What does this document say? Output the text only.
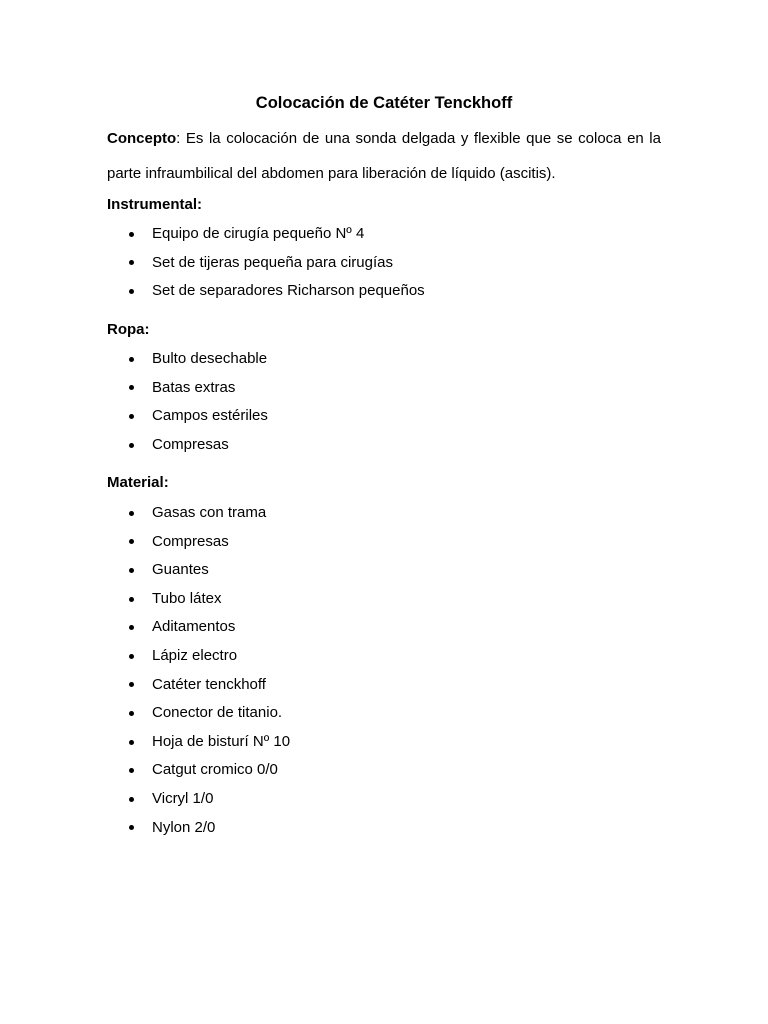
Colocación de Catéter Tenckhoff
Concepto: Es la colocación de una sonda delgada y flexible que se coloca en la parte infraumbilical del abdomen para liberación de líquido (ascitis).
Instrumental:
Equipo de cirugía pequeño Nº 4
Set de tijeras pequeña para cirugías
Set de separadores Richarson pequeños
Ropa:
Bulto desechable
Batas extras
Campos estériles
Compresas
Material:
Gasas con trama
Compresas
Guantes
Tubo látex
Aditamentos
Lápiz electro
Catéter tenckhoff
Conector de titanio.
Hoja de bisturí Nº 10
Catgut cromico 0/0
Vicryl 1/0
Nylon 2/0
